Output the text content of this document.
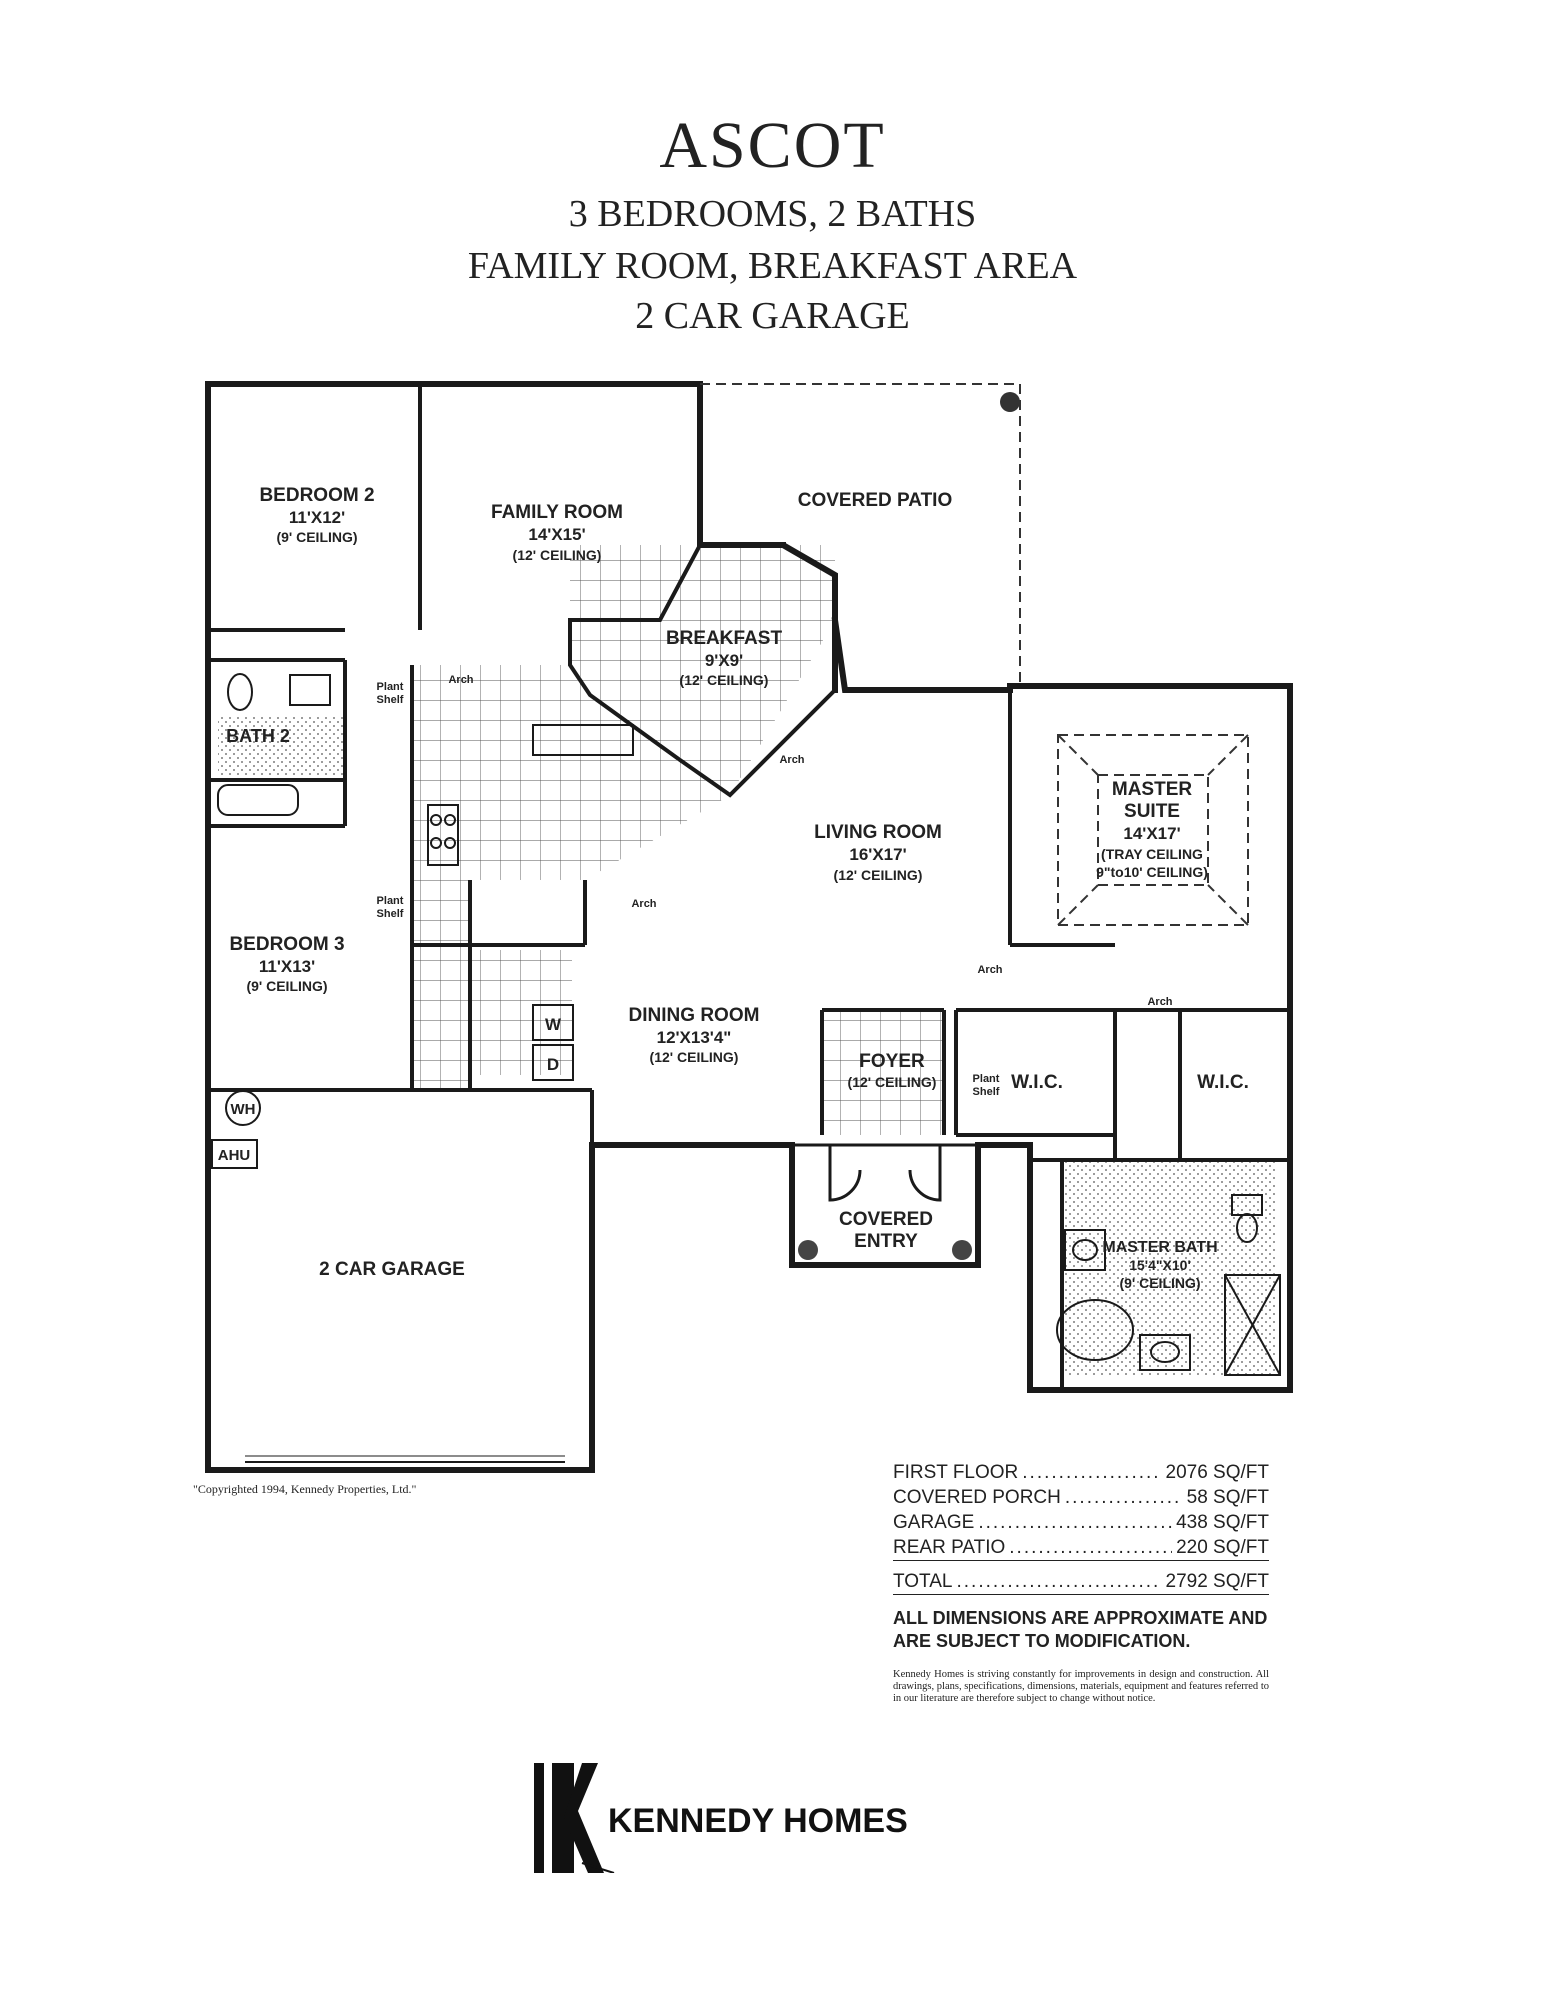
ASCOT
3 BEDROOMS, 2 BATHS
FAMILY ROOM, BREAKFAST AREA
2 CAR GARAGE
BEDROOM 2
11'X12'
(9' CEILING)
FAMILY ROOM
14'X15'
(12' CEILING)
COVERED PATIO
BREAKFAST
9'X9'
(12' CEILING)
BATH 2
LIVING ROOM
16'X17'
(12' CEILING)
MASTER
SUITE
14'X17'
(TRAY CEILING
9"to10' CEILING)
BEDROOM 3
11'X13'
(9' CEILING)
DINING ROOM
12'X13'4"
(12' CEILING)	FOYER
(12' CEILING)	W.I.C.	W.I.C.
COVERED
ENTRY	MASTER BATH
15'4"X10'
(9' CEILING)
2 CAR GARAGE
Arch
Arch
Arch
Arch
Arch
Plant
Shelf
Plant
Shelf
Plant
Shelf
W
D
WH
AHU
"Copyrighted 1994, Kennedy Properties, Ltd."
FIRST FLOOR .....	2076 SQ/FT
COVERED PORCH .....	58 SQ/FT
GARAGE .....	438 SQ/FT
REAR PATIO .....	220 SQ/FT
TOTAL .....	2792 SQ/FT
ALL DIMENSIONS ARE APPROXIMATE AND ARE SUBJECT TO MODIFICATION.
Kennedy Homes is striving constantly for improvements in design and construction. All drawings, plans, specifications, dimensions, materials, equipment and features referred to in our literature are therefore subject to change without notice.
KENNEDY HOMES
